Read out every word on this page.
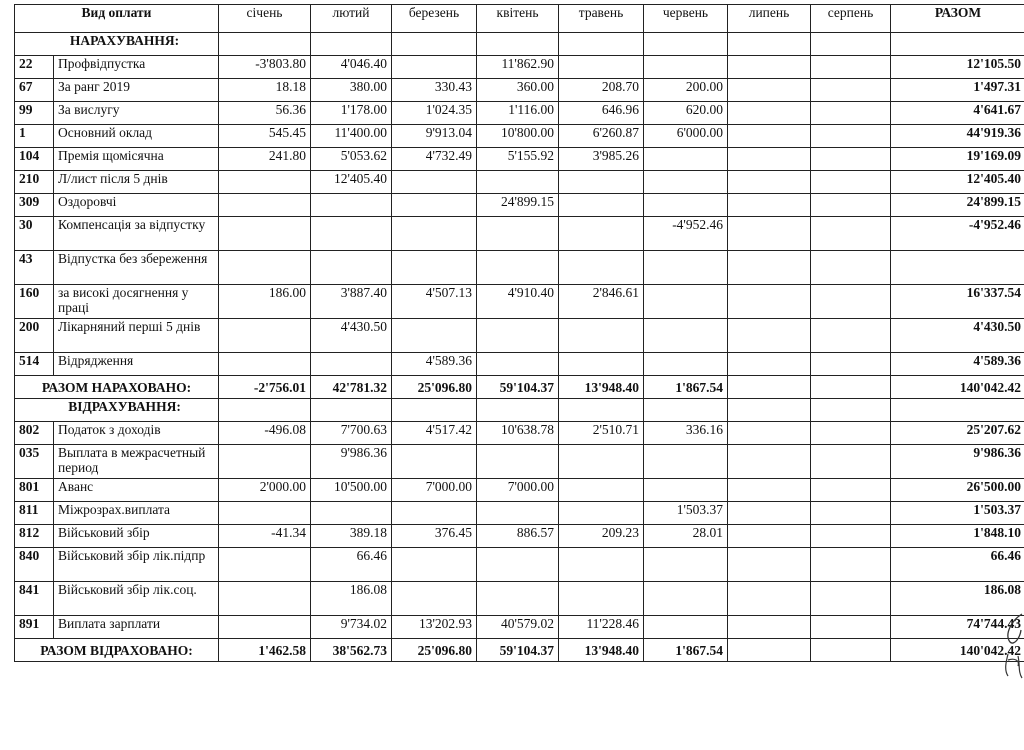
Вид оплати		січень	лютий	березень	квітень	травень	червень	липень	серпень	РАЗОМ
НАРАХУВАННЯ:										
22	Профвідпустка	-3'803.80	4'046.40		11'862.90					12'105.50
67	За ранг 2019	18.18	380.00	330.43	360.00	208.70	200.00			1'497.31
99	За вислугу	56.36	1'178.00	1'024.35	1'116.00	646.96	620.00			4'641.67
1	Основний оклад	545.45	11'400.00	9'913.04	10'800.00	6'260.87	6'000.00			44'919.36
104	Премія щомісячна	241.80	5'053.62	4'732.49	5'155.92	3'985.26				19'169.09
210	Л/лист після 5 днів		12'405.40							12'405.40
309	Оздоровчі				24'899.15					24'899.15
30	Компенсація за відпустку						-4'952.46			-4'952.46
43	Відпустка без збереження									
160	за високі досягнення у праці	186.00	3'887.40	4'507.13	4'910.40	2'846.61				16'337.54
200	Лікарняний перші 5 днів		4'430.50							4'430.50
514	Відрядження			4'589.36						4'589.36
РАЗОМ НАРАХОВАНО:		-2'756.01	42'781.32	25'096.80	59'104.37	13'948.40	1'867.54			140'042.42
ВІДРАХУВАННЯ:										
802	Податок з доходів	-496.08	7'700.63	4'517.42	10'638.78	2'510.71	336.16			25'207.62
035	Выплата в межрасчетный период		9'986.36							9'986.36
801	Аванс	2'000.00	10'500.00	7'000.00	7'000.00					26'500.00
811	Міжрозрах.виплата						1'503.37			1'503.37
812	Військовий збір	-41.34	389.18	376.45	886.57	209.23	28.01			1'848.10
840	Військовий збір лік.підпр		66.46							66.46
841	Військовий збір лік.соц.		186.08							186.08
891	Виплата зарплати		9'734.02	13'202.93	40'579.02	11'228.46				74'744.43
РАЗОМ ВІДРАХОВАНО:		1'462.58	38'562.73	25'096.80	59'104.37	13'948.40	1'867.54			140'042.42
